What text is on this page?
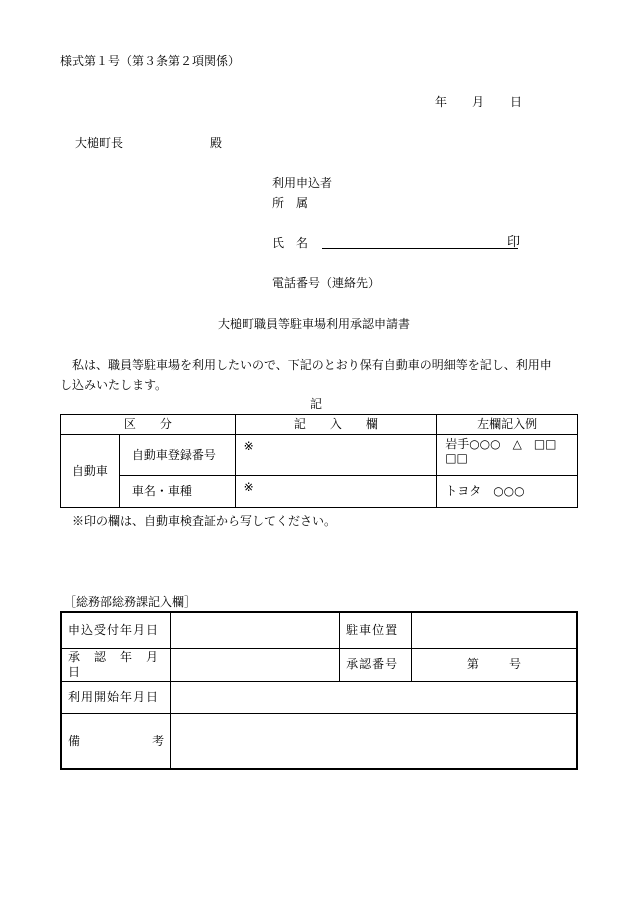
様式第１号（第３条第２項関係）
年 月 日
大槌町長	殿
利用申込者
所　属
氏　名	印
電話番号（連絡先）
大槌町職員等駐車場利用承認申請書
　私は、職員等駐車場を利用したいので、下記のとおり保有自動車の明細等を記し、利用申
し込みいたします。
記
区　　分		記　　入　　欄	左欄記入例
自動車	自動車登録番号	※	岩手○○○　△　□□
□□

	車名・車種	※	トヨタ　○○○
※印の欄は、自動車検査証から写してください。
［総務部総務課記入欄］
申込受付年月日		駐車位置	
承　認　年　月　日		承認番号	第 号

利用開始年月日			

備 考			
